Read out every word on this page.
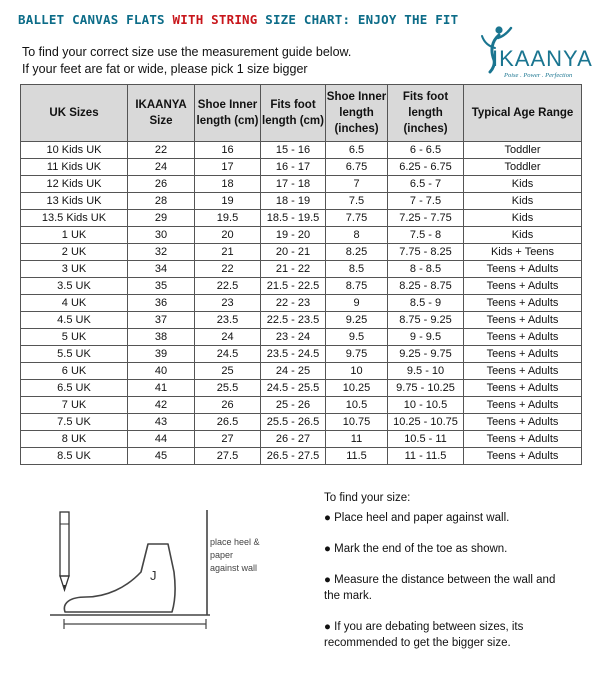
BALLET CANVAS FLATS WITH STRING SIZE CHART: ENJOY THE FIT
To find your correct size use the measurement guide below.
If your feet are fat or wide, please pick 1 size bigger	IKAANYA
Poise . Power . Perfection
UK Sizes	IKAANYA Size	Shoe Inner length (cm)	Fits foot length (cm)	Shoe Inner length (inches)	Fits foot length (inches)	Typical Age Range
10 Kids UK	22	16	15 - 16	6.5	6 - 6.5	Toddler
11 Kids UK	24	17	16 - 17	6.75	6.25 - 6.75	Toddler
12 Kids UK	26	18	17 - 18	7	6.5 - 7	Kids
13 Kids UK	28	19	18 - 19	7.5	7 - 7.5	Kids
13.5 Kids UK	29	19.5	18.5 - 19.5	7.75	7.25 - 7.75	Kids
1 UK	30	20	19 - 20	8	7.5 - 8	Kids
2 UK	32	21	20 - 21	8.25	7.75 - 8.25	Kids + Teens
3 UK	34	22	21 - 22	8.5	8 - 8.5	Teens + Adults
3.5 UK	35	22.5	21.5 - 22.5	8.75	8.25 - 8.75	Teens + Adults
4 UK	36	23	22 - 23	9	8.5 - 9	Teens + Adults
4.5 UK	37	23.5	22.5 - 23.5	9.25	8.75 - 9.25	Teens + Adults
5 UK	38	24	23 - 24	9.5	9 - 9.5	Teens + Adults
5.5 UK	39	24.5	23.5 - 24.5	9.75	9.25 - 9.75	Teens + Adults
6 UK	40	25	24 - 25	10	9.5 - 10	Teens + Adults
6.5 UK	41	25.5	24.5 - 25.5	10.25	9.75 - 10.25	Teens + Adults
7 UK	42	26	25 - 26	10.5	10 - 10.5	Teens + Adults
7.5 UK	43	26.5	25.5 - 26.5	10.75	10.25 - 10.75	Teens + Adults
8 UK	44	27	26 - 27	11	10.5 - 11	Teens + Adults
8.5 UK	45	27.5	26.5 - 27.5	11.5	11 - 11.5	Teens + Adults
J
place heel & paper against wall

To find your size:

● Place heel and paper against wall.

● Mark the end of the toe as shown.

● Measure the distance between the wall and the mark.

● If you are debating between sizes, its recommended to get the bigger size.
